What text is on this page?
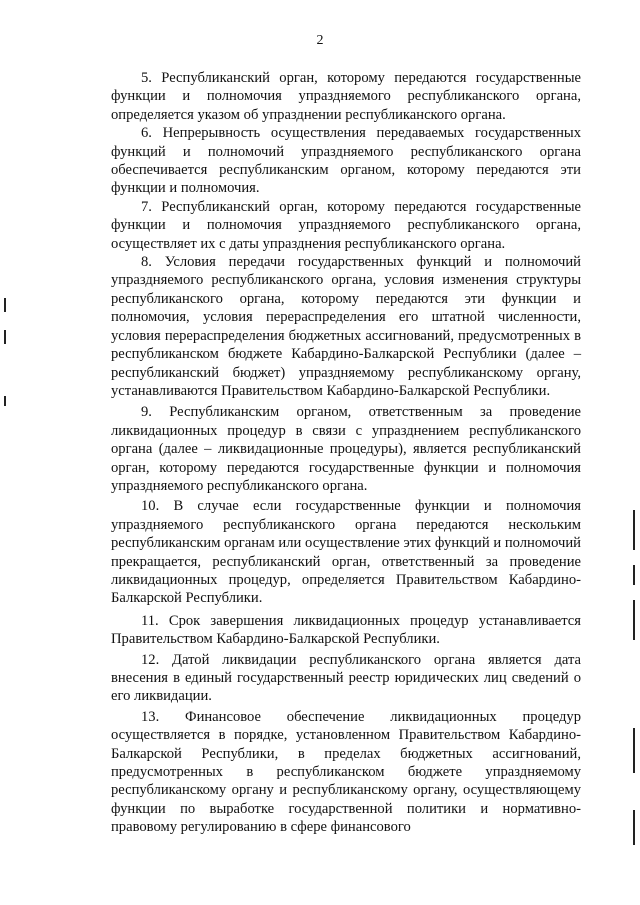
2

5. Республиканский орган, которому передаются государственные функции и полномочия упраздняемого республиканского органа, определяется указом об упразднении республиканского органа.

6. Непрерывность осуществления передаваемых государственных функций и полномочий упраздняемого республиканского органа обеспечивается республиканским органом, которому передаются эти функции и полномочия.

7. Республиканский орган, которому передаются государственные функции и полномочия упраздняемого республиканского органа, осуществляет их с даты упразднения республиканского органа.

8. Условия передачи государственных функций и полномочий упраздняемого республиканского органа, условия изменения структуры республиканского органа, которому передаются эти функции и полномочия, условия перераспределения его штатной численности, условия перераспределения бюджетных ассигнований, предусмотренных в республиканском бюджете Кабардино-Балкарской Республики (далее – республиканский бюджет) упраздняемому республиканскому органу, устанавливаются Правительством Кабардино-Балкарской Республики.

9. Республиканским органом, ответственным за проведение ликвидационных процедур в связи с упразднением республиканского органа (далее – ликвидационные процедуры), является республиканский орган, которому передаются государственные функции и полномочия упраздняемого республиканского органа.

10. В случае если государственные функции и полномочия упраздняемого республиканского органа передаются нескольким республиканским органам или осуществление этих функций и полномочий прекращается, республиканский орган, ответственный за проведение ликвидационных процедур, определяется Правительством Кабардино-Балкарской Республики.

11. Срок завершения ликвидационных процедур устанавливается Правительством Кабардино-Балкарской Республики.

12. Датой ликвидации республиканского органа является дата внесения в единый государственный реестр юридических лиц сведений о его ликвидации.

13. Финансовое обеспечение ликвидационных процедур осуществляется в порядке, установленном Правительством Кабардино-Балкарской Республики, в пределах бюджетных ассигнований, предусмотренных в республиканском бюджете упраздняемому республиканскому органу и республиканскому органу, осуществляющему функции по выработке государственной политики и нормативно-правовому регулированию в сфере финансового
